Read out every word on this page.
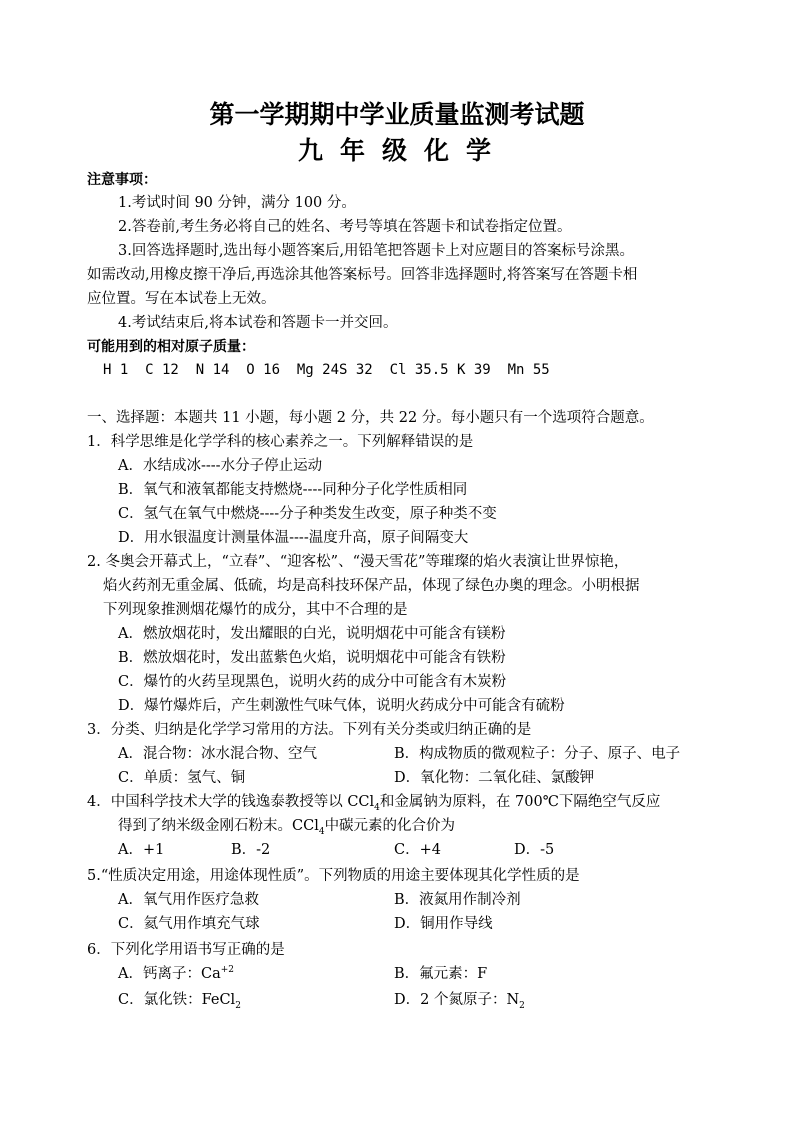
第一学期期中学业质量监测考试题
九年级化学
注意事项：
1.考试时间 90 分钟，满分 100 分。
2.答卷前,考生务必将自己的姓名、考号等填在答题卡和试卷指定位置。
3.回答选择题时,选出每小题答案后,用铅笔把答题卡上对应题目的答案标号涂黑。
如需改动,用橡皮擦干净后,再选涂其他答案标号。回答非选择题时,将答案写在答题卡相
应位置。写在本试卷上无效。
4.考试结束后,将本试卷和答题卡一并交回。
可能用到的相对原子质量：
H 1  C 12  N 14  O 16  Mg 24S 32  Cl 35.5 K 39  Mn 55
一、选择题：本题共 11 小题，每小题 2 分，共 22 分。每小题只有一个选项符合题意。
1．科学思维是化学学科的核心素养之一。下列解释错误的是
A．水结成冰----水分子停止运动
B．氧气和液氧都能支持燃烧----同种分子化学性质相同
C．氢气在氧气中燃烧----分子种类发生改变，原子种类不变
D．用水银温度计测量体温----温度升高，原子间隔变大
2. 冬奥会开幕式上，“立春”、“迎客松”、“漫天雪花”等璀璨的焰火表演让世界惊艳，
焰火药剂无重金属、低硫，均是高科技环保产品，体现了绿色办奥的理念。小明根据
下列现象推测烟花爆竹的成分，其中不合理的是
A．燃放烟花时，发出耀眼的白光，说明烟花中可能含有镁粉
B．燃放烟花时，发出蓝紫色火焰，说明烟花中可能含有铁粉
C．爆竹的火药呈现黑色，说明火药的成分中可能含有木炭粉
D．爆竹爆炸后，产生刺激性气味气体，说明火药成分中可能含有硫粉
3．分类、归纳是化学学习常用的方法。下列有关分类或归纳正确的是
A．混合物：冰水混合物、空气	B．构成物质的微观粒子：分子、原子、电子
C．单质：氢气、铜	D．氧化物：二氧化硅、氯酸钾
4．中国科学技术大学的钱逸泰教授等以 CCl$_4$和金属钠为原料，在 700℃下隔绝空气反应
得到了纳米级金刚石粉末。CCl$_4$中碳元素的化合价为
A．+1	B．-2	C．+4	D．-5
5.“性质决定用途，用途体现性质”。下列物质的用途主要体现其化学性质的是
A．氧气用作医疗急救	B．液氮用作制冷剂
C．氦气用作填充气球	D．铜用作导线
6．下列化学用语书写正确的是
A．钙离子：$Ca^{+2}$	B．氟元素：F
C．氯化铁：FeCl$_2$	D．2 个氮原子：$N_2$
